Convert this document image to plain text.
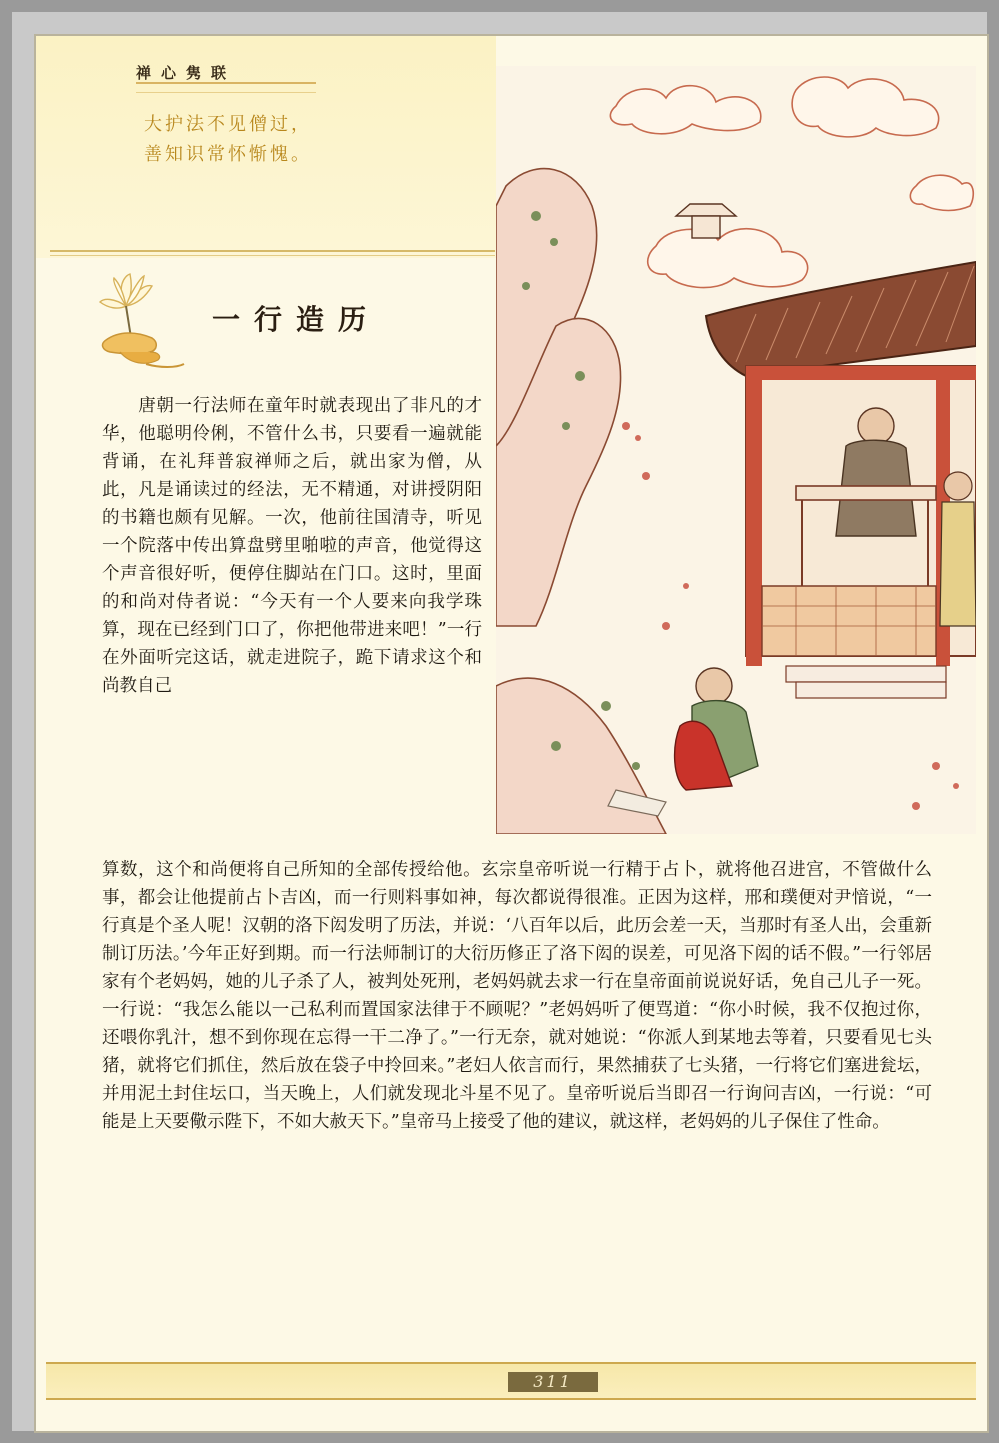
禅心隽联
大护法不见僧过，
善知识常怀惭愧。
一行造历

　　唐朝一行法师在童年时就表现出了非凡的才华，他聪明伶俐，不管什么书，只要看一遍就能背诵，在礼拜普寂禅师之后，就出家为僧，从此，凡是诵读过的经法，无不精通，对讲授阴阳的书籍也颇有见解。一次，他前往国清寺，听见一个院落中传出算盘劈里啪啦的声音，他觉得这个声音很好听，便停住脚站在门口。这时，里面的和尚对侍者说：“今天有一个人要来向我学珠算，现在已经到门口了，你把他带进来吧！”一行在外面听完这话，就走进院子，跪下请求这个和尚教自己

算数，这个和尚便将自己所知的全部传授给他。玄宗皇帝听说一行精于占卜，就将他召进宫，不管做什么事，都会让他提前占卜吉凶，而一行则料事如神，每次都说得很准。正因为这样，邢和璞便对尹愔说，“一行真是个圣人呢！汉朝的洛下闳发明了历法，并说：‘八百年以后，此历会差一天，当那时有圣人出，会重新制订历法。’今年正好到期。而一行法师制订的大衍历修正了洛下闳的误差，可见洛下闳的话不假。”一行邻居家有个老妈妈，她的儿子杀了人，被判处死刑，老妈妈就去求一行在皇帝面前说说好话，免自己儿子一死。一行说：“我怎么能以一己私利而置国家法律于不顾呢？”老妈妈听了便骂道：“你小时候，我不仅抱过你，还喂你乳汁，想不到你现在忘得一干二净了。”一行无奈，就对她说：“你派人到某地去等着，只要看见七头猪，就将它们抓住，然后放在袋子中拎回来。”老妇人依言而行，果然捕获了七头猪，一行将它们塞进瓮坛，并用泥土封住坛口，当天晚上，人们就发现北斗星不见了。皇帝听说后当即召一行询问吉凶，一行说：“可能是上天要儆示陛下，不如大赦天下。”皇帝马上接受了他的建议，就这样，老妈妈的儿子保住了性命。

311
